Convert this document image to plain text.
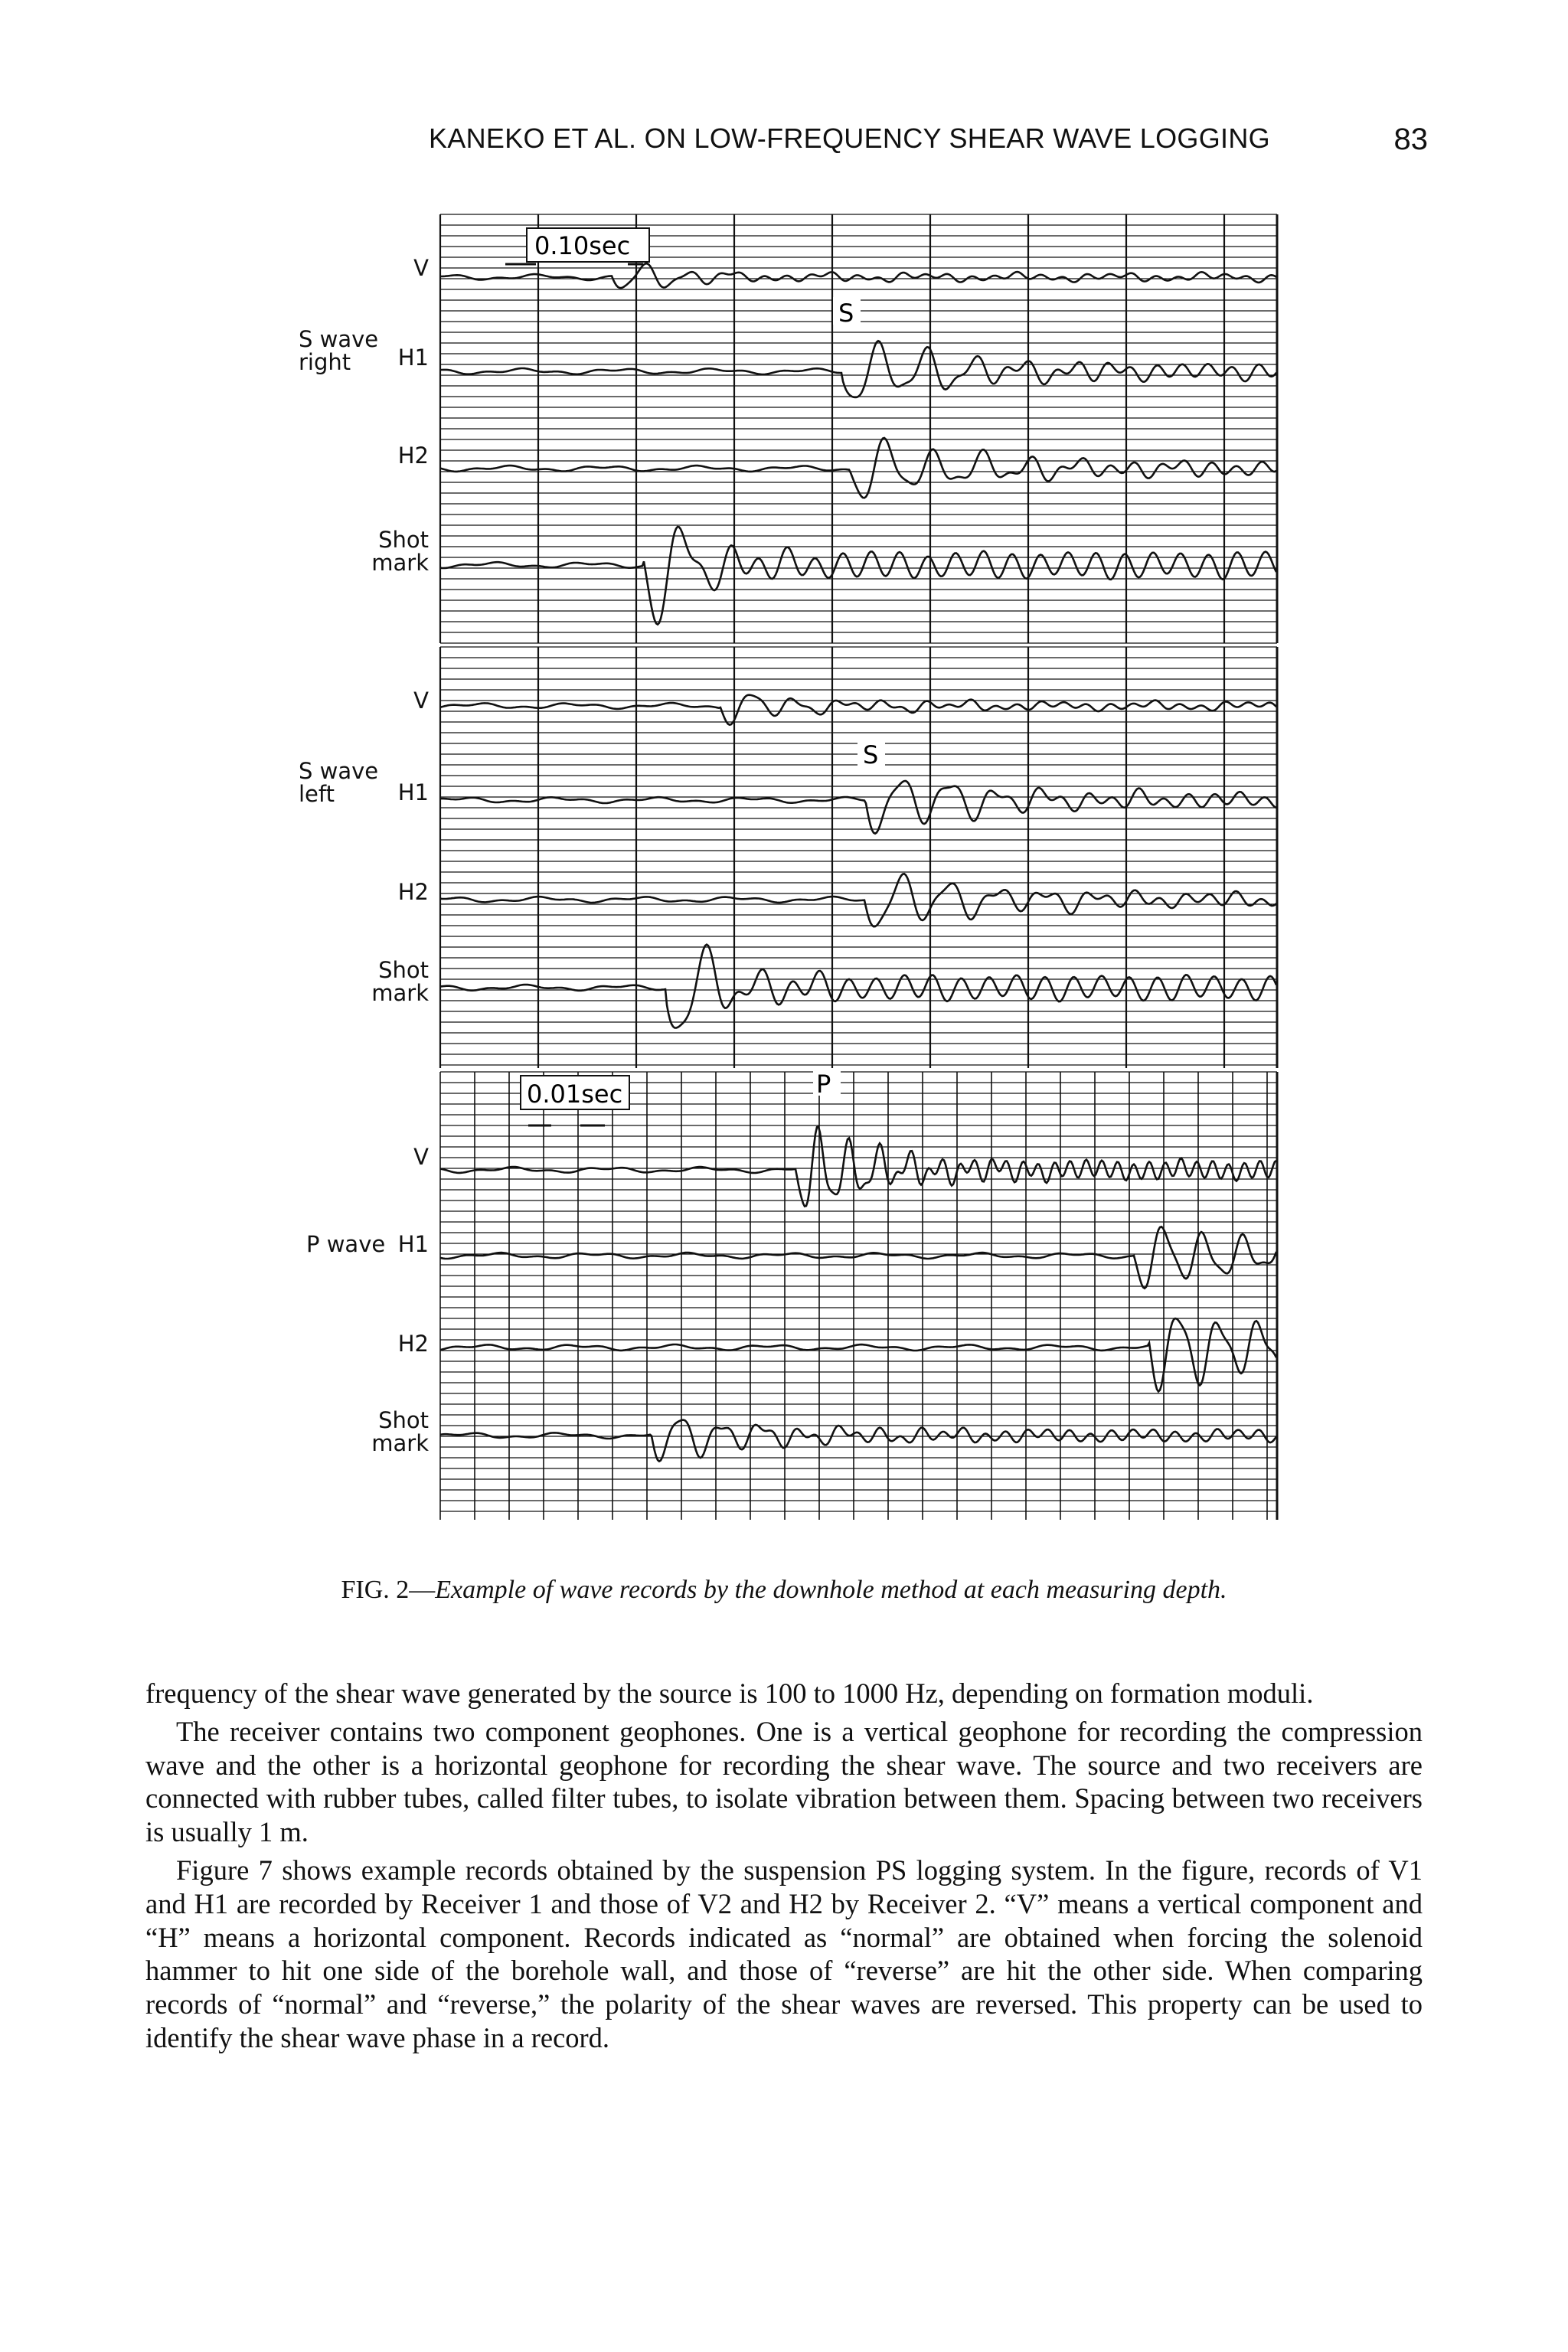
KANEKO ET AL. ON LOW-FREQUENCY SHEAR WAVE LOGGING	83
0.10sec
S
S
0.01sec	P
S wave
right
V
H1
H2
Shot
mark
S wave
left
V
H1
H2
Shot
mark
V
P wave H1
H2
Shot
mark
FIG. 2—Example of wave records by the downhole method at each measuring depth.

frequency of the shear wave generated by the source is 100 to 1000 Hz, depending on formation moduli.

The receiver contains two component geophones. One is a vertical geophone for recording the compression wave and the other is a horizontal geophone for recording the shear wave. The source and two receivers are connected with rubber tubes, called filter tubes, to isolate vibration between them. Spacing between two receivers is usually 1 m.

Figure 7 shows example records obtained by the suspension PS logging system. In the figure, records of V1 and H1 are recorded by Receiver 1 and those of V2 and H2 by Receiver 2. “V” means a vertical component and “H” means a horizontal component. Records indicated as “normal” are obtained when forcing the solenoid hammer to hit one side of the borehole wall, and those of “reverse” are hit the other side. When comparing records of “normal” and “reverse,” the polarity of the shear waves are reversed. This property can be used to identify the shear wave phase in a record.
